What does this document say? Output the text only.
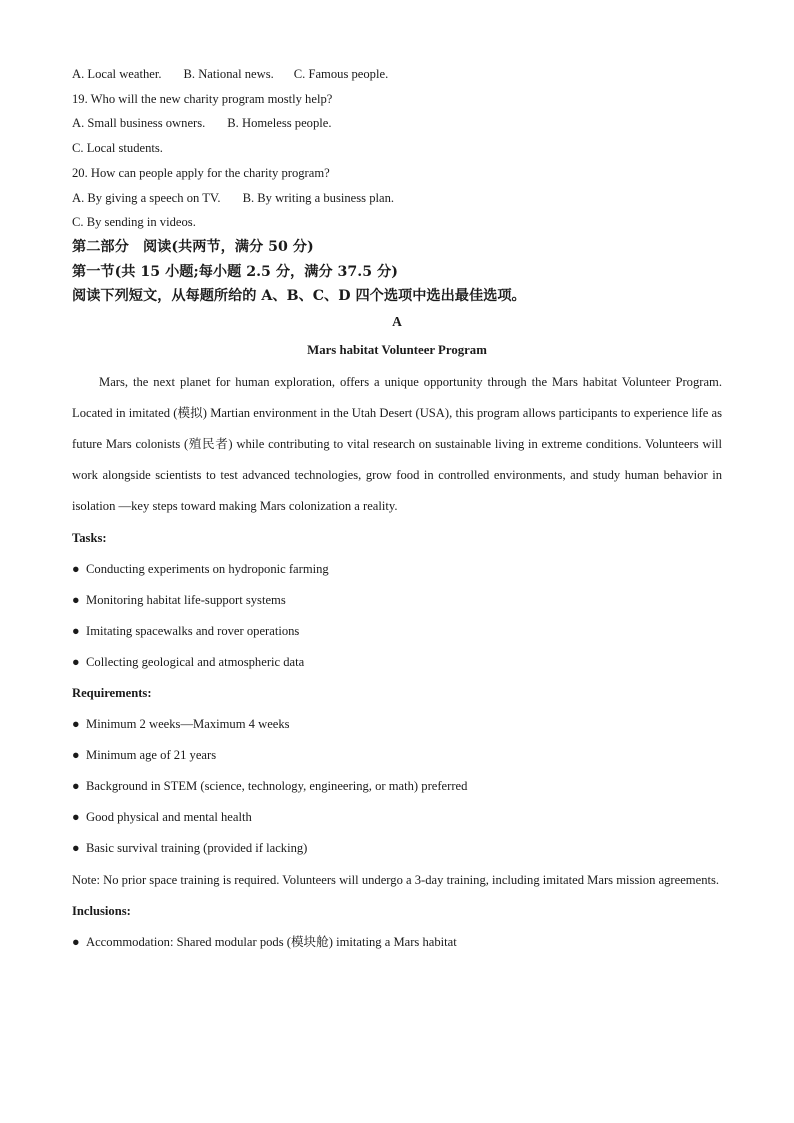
A. Local weather. B. National news. C. Famous people.
19. Who will the new charity program mostly help?
A. Small business owners. B. Homeless people.
C. Local students.
20. How can people apply for the charity program?
A. By giving a speech on TV. B. By writing a business plan.
C. By sending in videos.
第二部分　阅读(共两节，满分 50 分)
第一节(共 15 小题;每小题 2.5 分，满分 37.5 分)
阅读下列短文，从每题所给的 A、B、C、D 四个选项中选出最佳选项。
A
Mars habitat Volunteer Program
Mars, the next planet for human exploration, offers a unique opportunity through the Mars habitat Volunteer Program. Located in imitated (模拟) Martian environment in the Utah Desert (USA), this program allows participants to experience life as future Mars colonists (殖民者) while contributing to vital research on sustainable living in extreme conditions. Volunteers will work alongside scientists to test advanced technologies, grow food in controlled environments, and study human behavior in isolation —key steps toward making Mars colonization a reality.
Tasks:
● Conducting experiments on hydroponic farming
● Monitoring habitat life-support systems
● Imitating spacewalks and rover operations
● Collecting geological and atmospheric data
Requirements:
● Minimum 2 weeks—Maximum 4 weeks
● Minimum age of 21 years
● Background in STEM (science, technology, engineering, or math) preferred
● Good physical and mental health
● Basic survival training (provided if lacking)
Note: No prior space training is required. Volunteers will undergo a 3-day training, including imitated Mars mission agreements.
Inclusions:
● Accommodation: Shared modular pods (模块舱) imitating a Mars habitat
